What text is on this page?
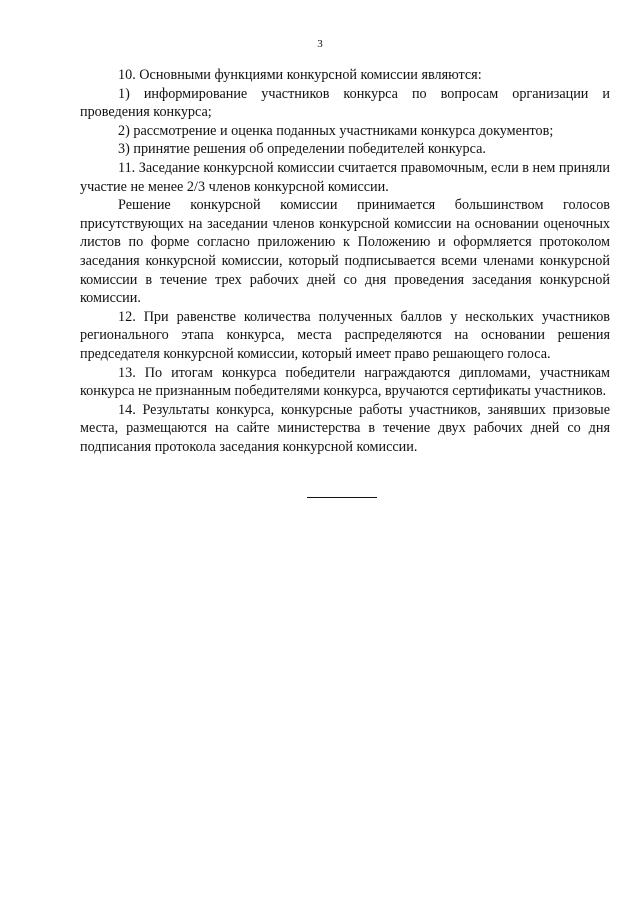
3

10. Основными функциями конкурсной комиссии являются:

1) информирование участников конкурса по вопросам организации и проведения конкурса;

2) рассмотрение и оценка поданных участниками конкурса документов;

3) принятие решения об определении победителей конкурса.

11. Заседание конкурсной комиссии считается правомочным, если в нем приняли участие не менее 2/3 членов конкурсной комиссии.

Решение конкурсной комиссии принимается большинством голосов присутствующих на заседании членов конкурсной комиссии на основании оценочных листов по форме согласно приложению к Положению и оформляется протоколом заседания конкурсной комиссии, который подписывается всеми членами конкурсной комиссии в течение трех рабочих дней со дня проведения заседания конкурсной комиссии.

12. При равенстве количества полученных баллов у нескольких участников регионального этапа конкурса, места распределяются на основании решения председателя конкурсной комиссии, который имеет право решающего голоса.

13. По итогам конкурса победители награждаются дипломами, участникам конкурса не признанным победителями конкурса, вручаются сертификаты участников.

14. Результаты конкурса, конкурсные работы участников, занявших призовые места, размещаются на сайте министерства в течение двух рабочих дней со дня подписания протокола заседания конкурсной комиссии.
